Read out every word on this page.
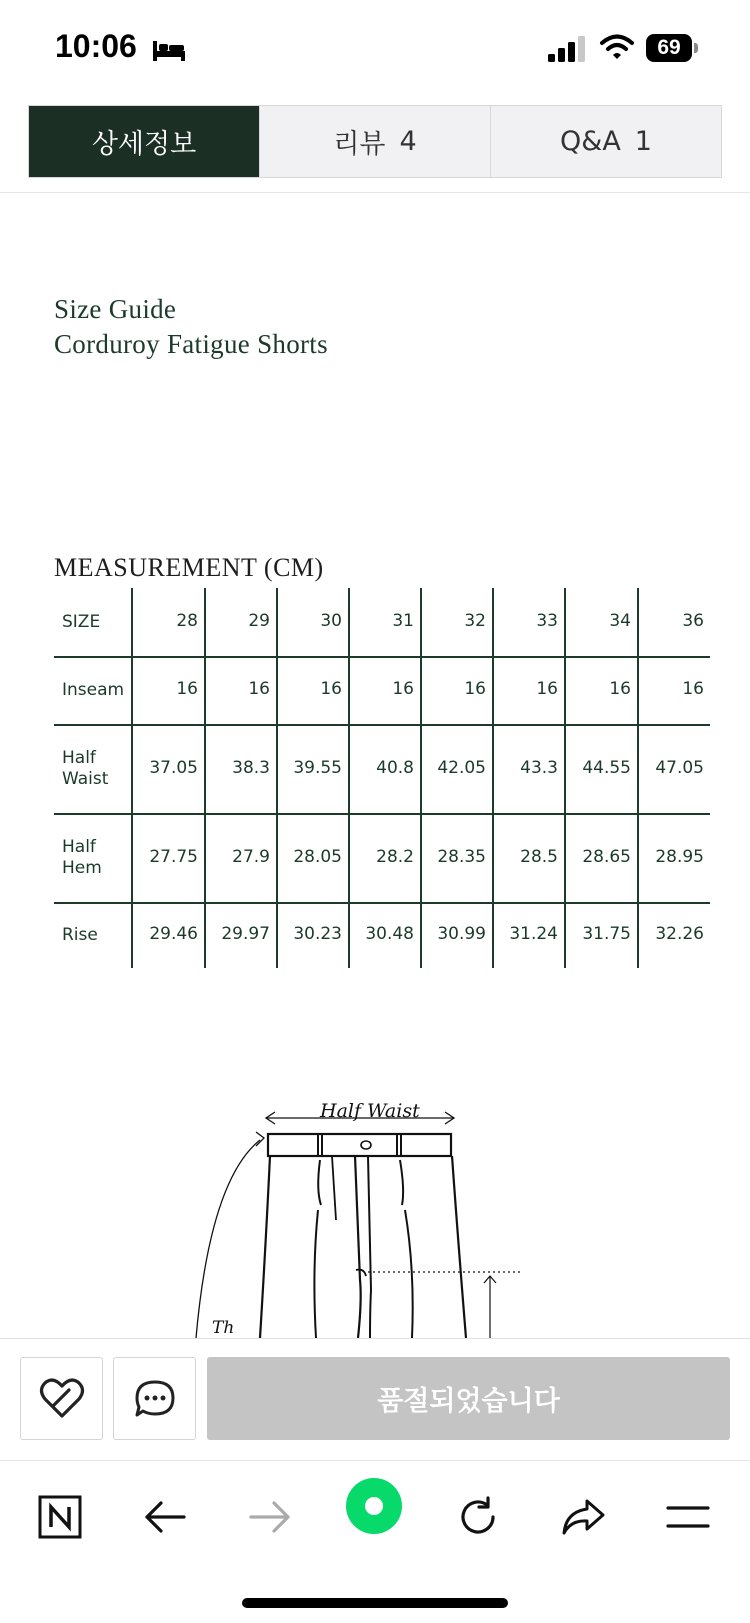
10:06	69
상세정보	리뷰 4	Q&A 1
Size Guide
Corduroy Fatigue Shorts
MEASUREMENT (CM)
SIZE	28	29	30	31	32	33	34	36
Inseam	16	16	16	16	16	16	16	16
Half
Waist
37.05	38.3	39.55	40.8	42.05	43.3	44.55	47.05
Half
Hem
27.75	27.9	28.05	28.2	28.35	28.5	28.65	28.95
Rise	29.46	29.97	30.23	30.48	30.99	31.24	31.75	32.26
Half Waist
Th
품절되었습니다
